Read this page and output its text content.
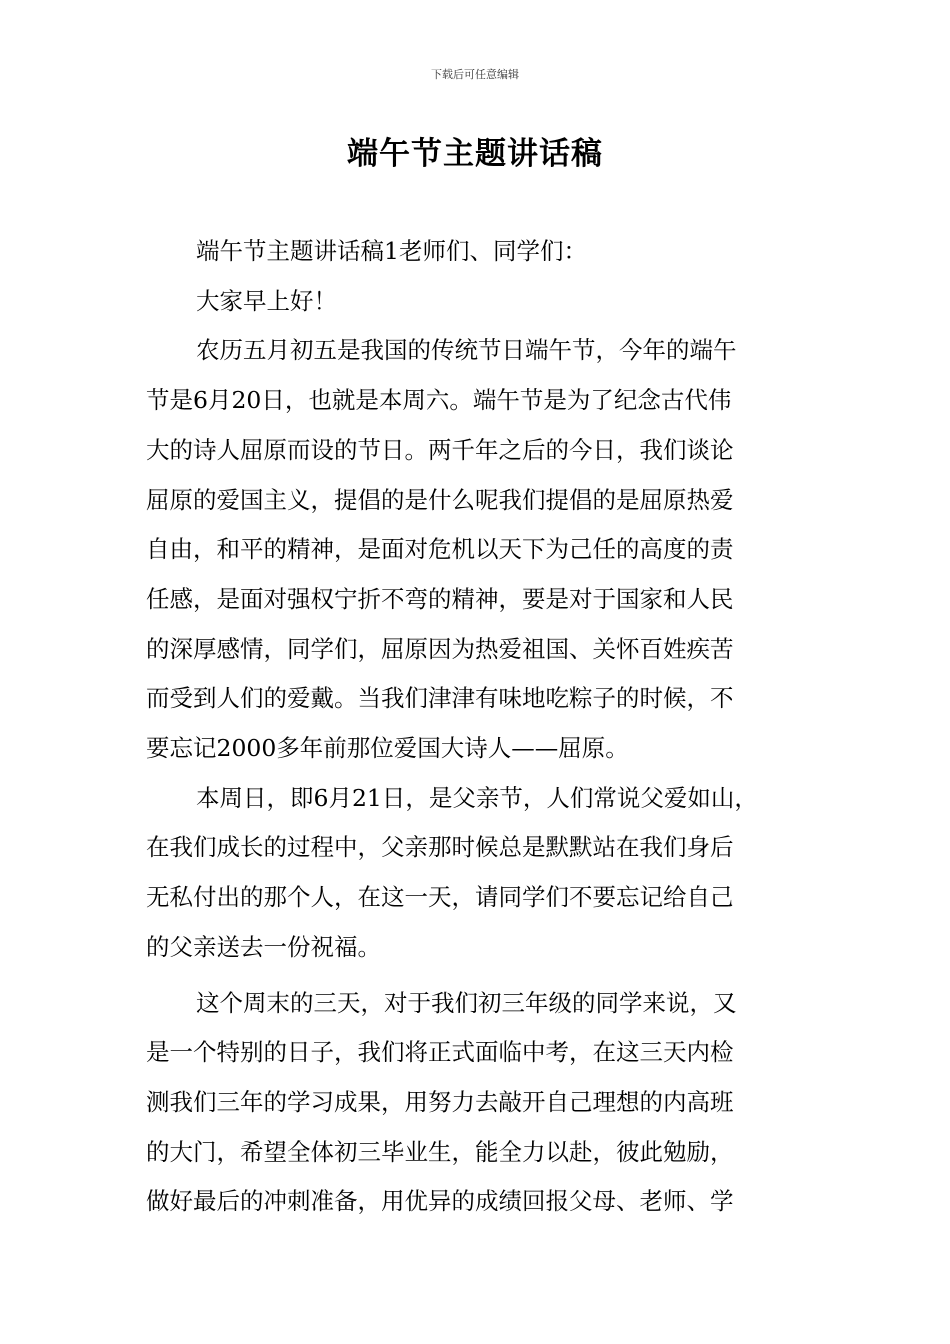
下载后可任意编辑
端午节主题讲话稿
端午节主题讲话稿1老师们、同学们：
大家早上好！
农历五月初五是我国的传统节日端午节，今年的端午
节是6月20日，也就是本周六。端午节是为了纪念古代伟
大的诗人屈原而设的节日。两千年之后的今日，我们谈论
屈原的爱国主义，提倡的是什么呢我们提倡的是屈原热爱
自由，和平的精神，是面对危机以天下为己任的高度的责
任感，是面对强权宁折不弯的精神，要是对于国家和人民
的深厚感情，同学们，屈原因为热爱祖国、关怀百姓疾苦
而受到人们的爱戴。当我们津津有味地吃粽子的时候，不
要忘记2000多年前那位爱国大诗人——屈原。
本周日，即6月21日，是父亲节，人们常说父爱如山，
在我们成长的过程中，父亲那时候总是默默站在我们身后
无私付出的那个人，在这一天，请同学们不要忘记给自己
的父亲送去一份祝福。
这个周末的三天，对于我们初三年级的同学来说，又
是一个特别的日子，我们将正式面临中考，在这三天内检
测我们三年的学习成果，用努力去敲开自己理想的内高班
的大门，希望全体初三毕业生，能全力以赴，彼此勉励，
做好最后的冲刺准备，用优异的成绩回报父母、老师、学
